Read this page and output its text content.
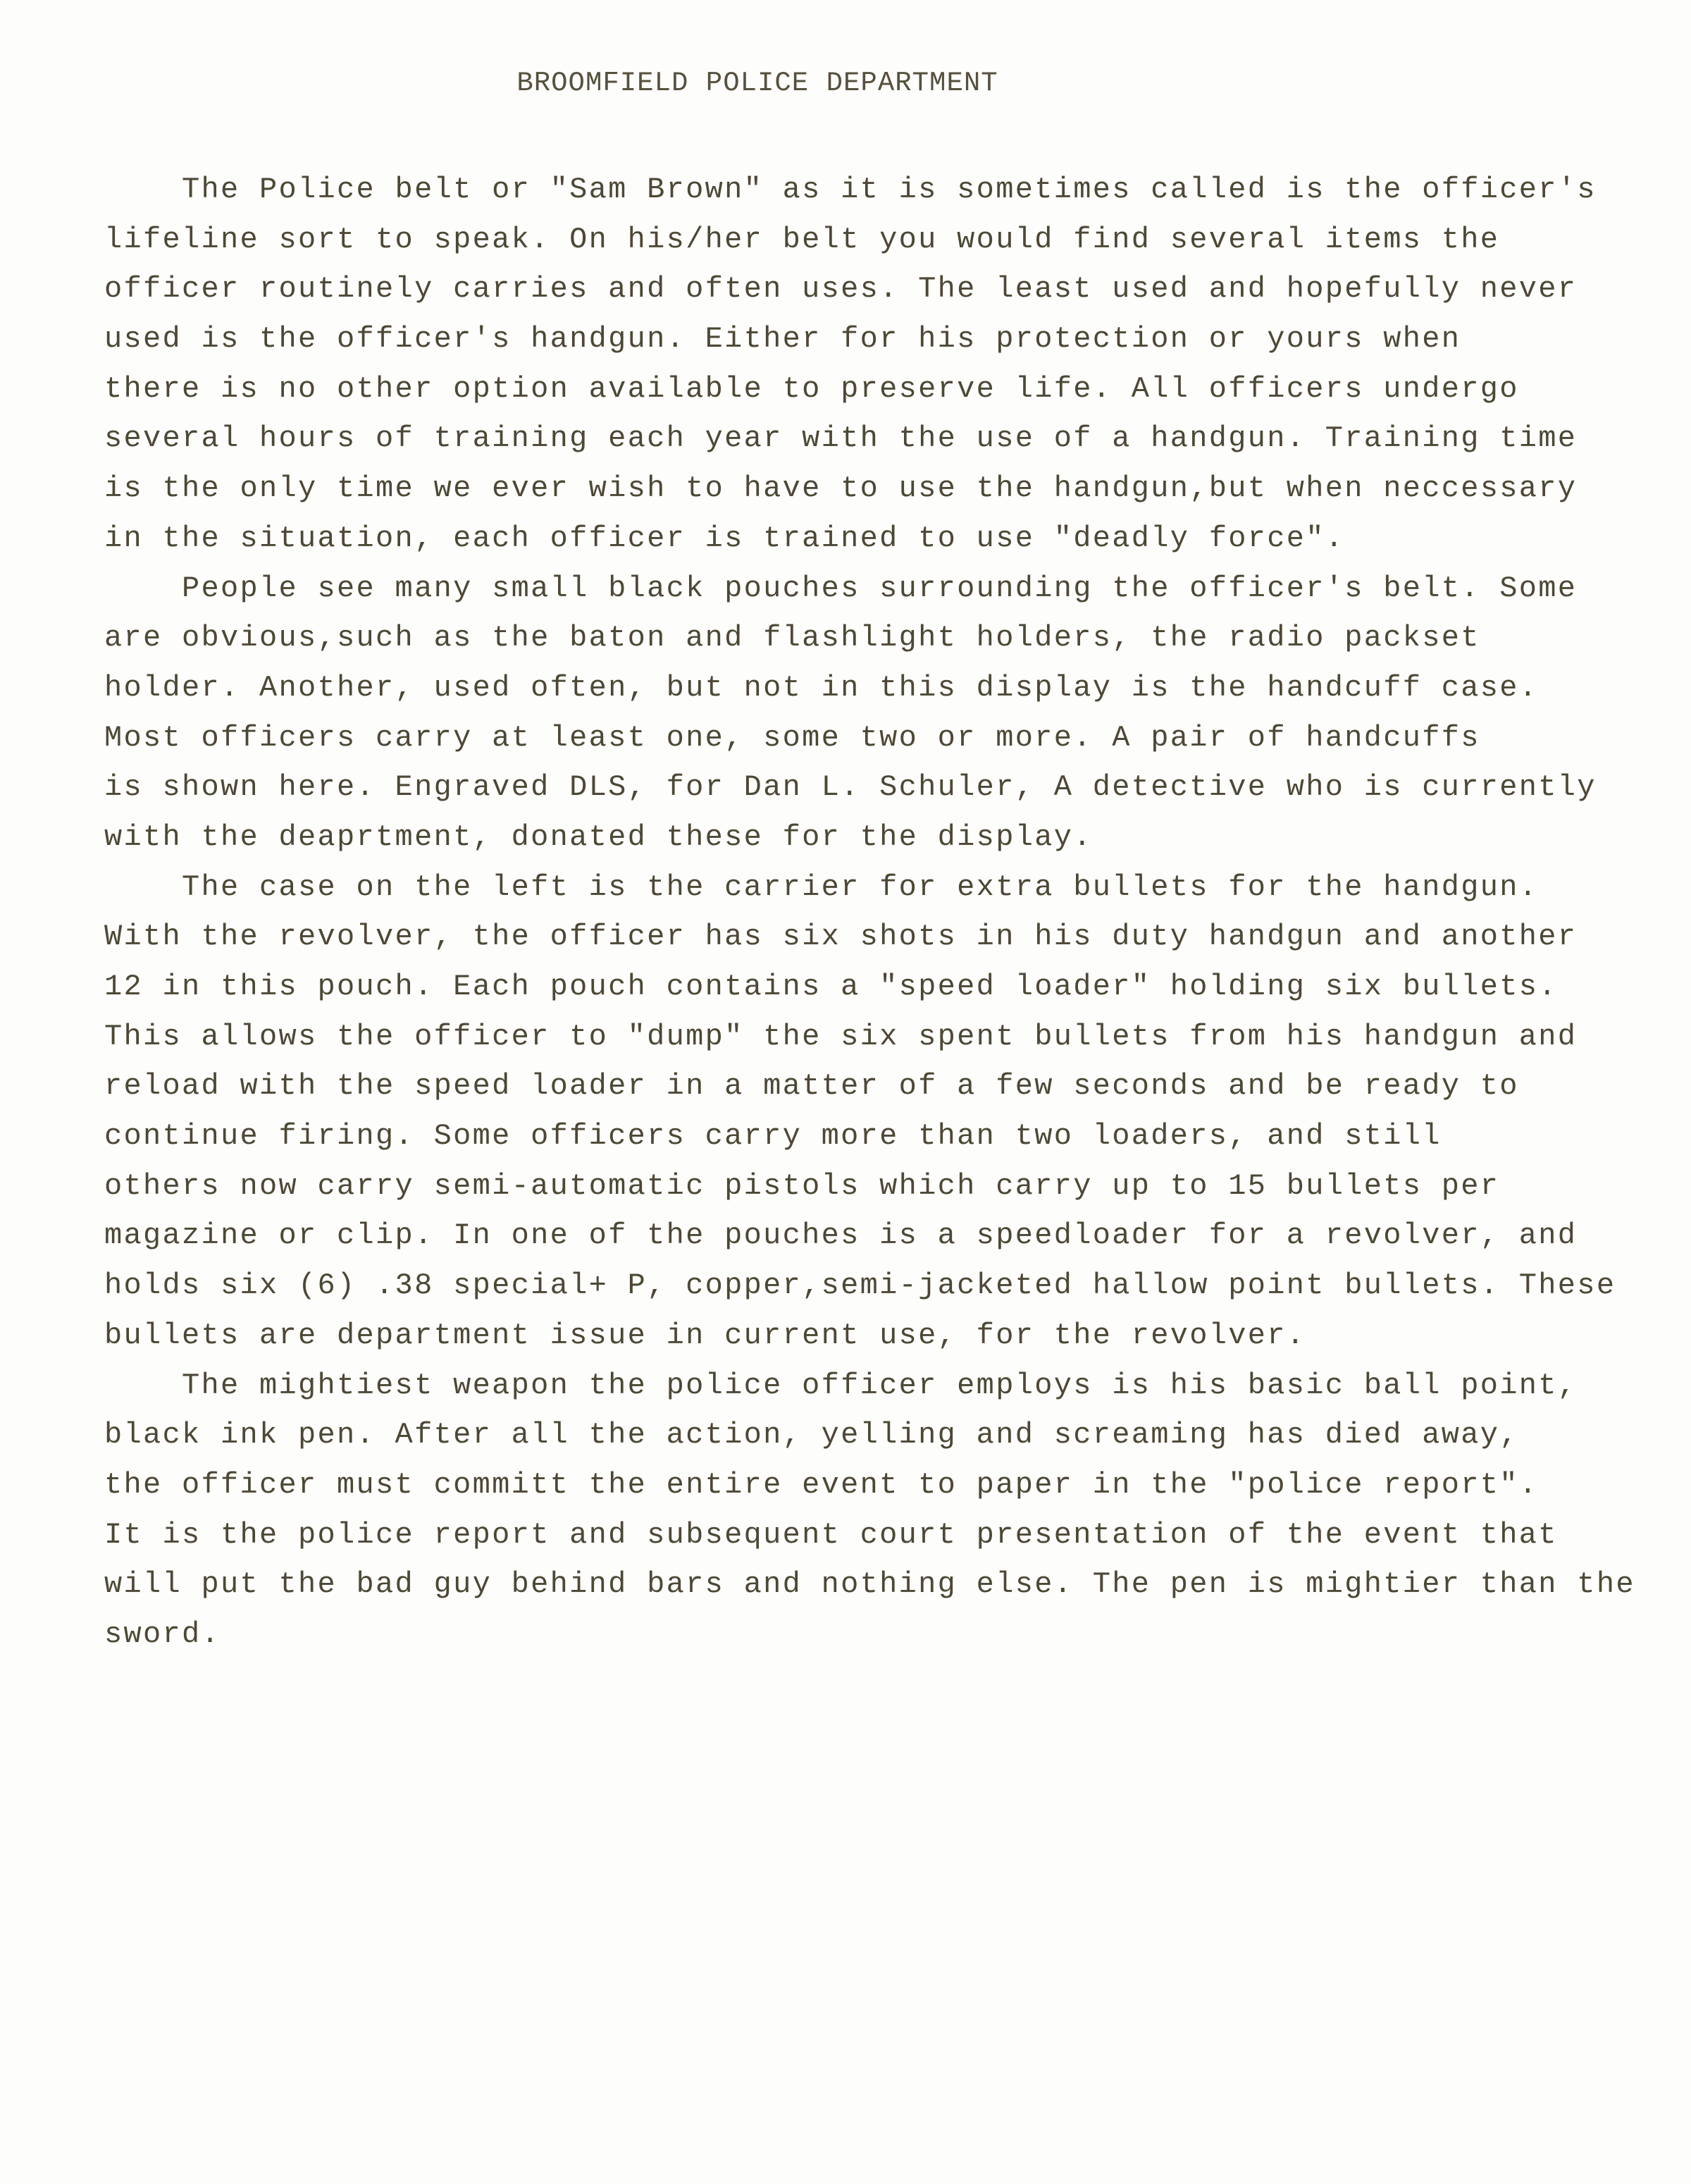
BROOMFIELD POLICE DEPARTMENT
The Police belt or "Sam Brown" as it is sometimes called is the officer's
lifeline sort to speak. On his/her belt you would find several items the
officer routinely carries and often uses. The least used and hopefully never
used is the officer's handgun. Either for his protection or yours when
there is no other option available to preserve life. All officers undergo
several hours of training each year with the use of a handgun. Training time
is the only time we ever wish to have to use the handgun,but when neccessary
in the situation, each officer is trained to use "deadly force".
People see many small black pouches surrounding the officer's belt. Some
are obvious,such as the baton and flashlight holders, the radio packset
holder. Another, used often, but not in this display is the handcuff case.
Most officers carry at least one, some two or more. A pair of handcuffs
is shown here. Engraved DLS, for Dan L. Schuler, A detective who is currently
with the deaprtment, donated these for the display.
The case on the left is the carrier for extra bullets for the handgun.
With the revolver, the officer has six shots in his duty handgun and another
12 in this pouch. Each pouch contains a "speed loader" holding six bullets.
This allows the officer to "dump" the six spent bullets from his handgun and
reload with the speed loader in a matter of a few seconds and be ready to
continue firing. Some officers carry more than two loaders, and still
others now carry semi-automatic pistols which carry up to 15 bullets per
magazine or clip. In one of the pouches is a speedloader for a revolver, and
holds six (6) .38 special+ P, copper,semi-jacketed hallow point bullets. These
bullets are department issue in current use, for the revolver.
The mightiest weapon the police officer employs is his basic ball point,
black ink pen. After all the action, yelling and screaming has died away,
the officer must committ the entire event to paper in the "police report".
It is the police report and subsequent court presentation of the event that
will put the bad guy behind bars and nothing else. The pen is mightier than the
sword.
